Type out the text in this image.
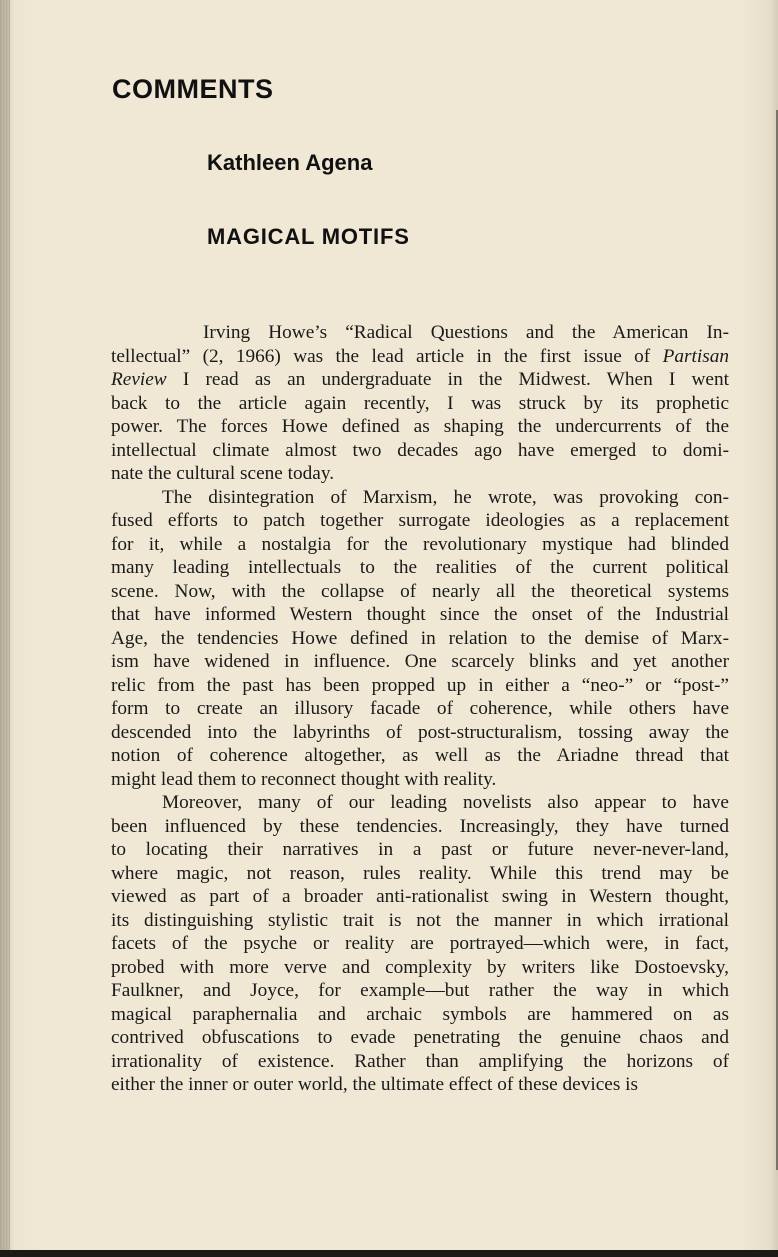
COMMENTS
Kathleen Agena
MAGICAL MOTIFS
Irving Howe’s “Radical Questions and the American In-
tellectual” (2, 1966) was the lead article in the first issue of Partisan
Review I read as an undergraduate in the Midwest. When I went
back to the article again recently, I was struck by its prophetic
power. The forces Howe defined as shaping the undercurrents of the
intellectual climate almost two decades ago have emerged to domi-
nate the cultural scene today.
The disintegration of Marxism, he wrote, was provoking con-
fused efforts to patch together surrogate ideologies as a replacement
for it, while a nostalgia for the revolutionary mystique had blinded
many leading intellectuals to the realities of the current political
scene. Now, with the collapse of nearly all the theoretical systems
that have informed Western thought since the onset of the Industrial
Age, the tendencies Howe defined in relation to the demise of Marx-
ism have widened in influence. One scarcely blinks and yet another
relic from the past has been propped up in either a “neo-” or “post-”
form to create an illusory facade of coherence, while others have
descended into the labyrinths of post-structuralism, tossing away the
notion of coherence altogether, as well as the Ariadne thread that
might lead them to reconnect thought with reality.
Moreover, many of our leading novelists also appear to have
been influenced by these tendencies. Increasingly, they have turned
to locating their narratives in a past or future never-never-land,
where magic, not reason, rules reality. While this trend may be
viewed as part of a broader anti-rationalist swing in Western thought,
its distinguishing stylistic trait is not the manner in which irrational
facets of the psyche or reality are portrayed—which were, in fact,
probed with more verve and complexity by writers like Dostoevsky,
Faulkner, and Joyce, for example—but rather the way in which
magical paraphernalia and archaic symbols are hammered on as
contrived obfuscations to evade penetrating the genuine chaos and
irrationality of existence. Rather than amplifying the horizons of
either the inner or outer world, the ultimate effect of these devices is
